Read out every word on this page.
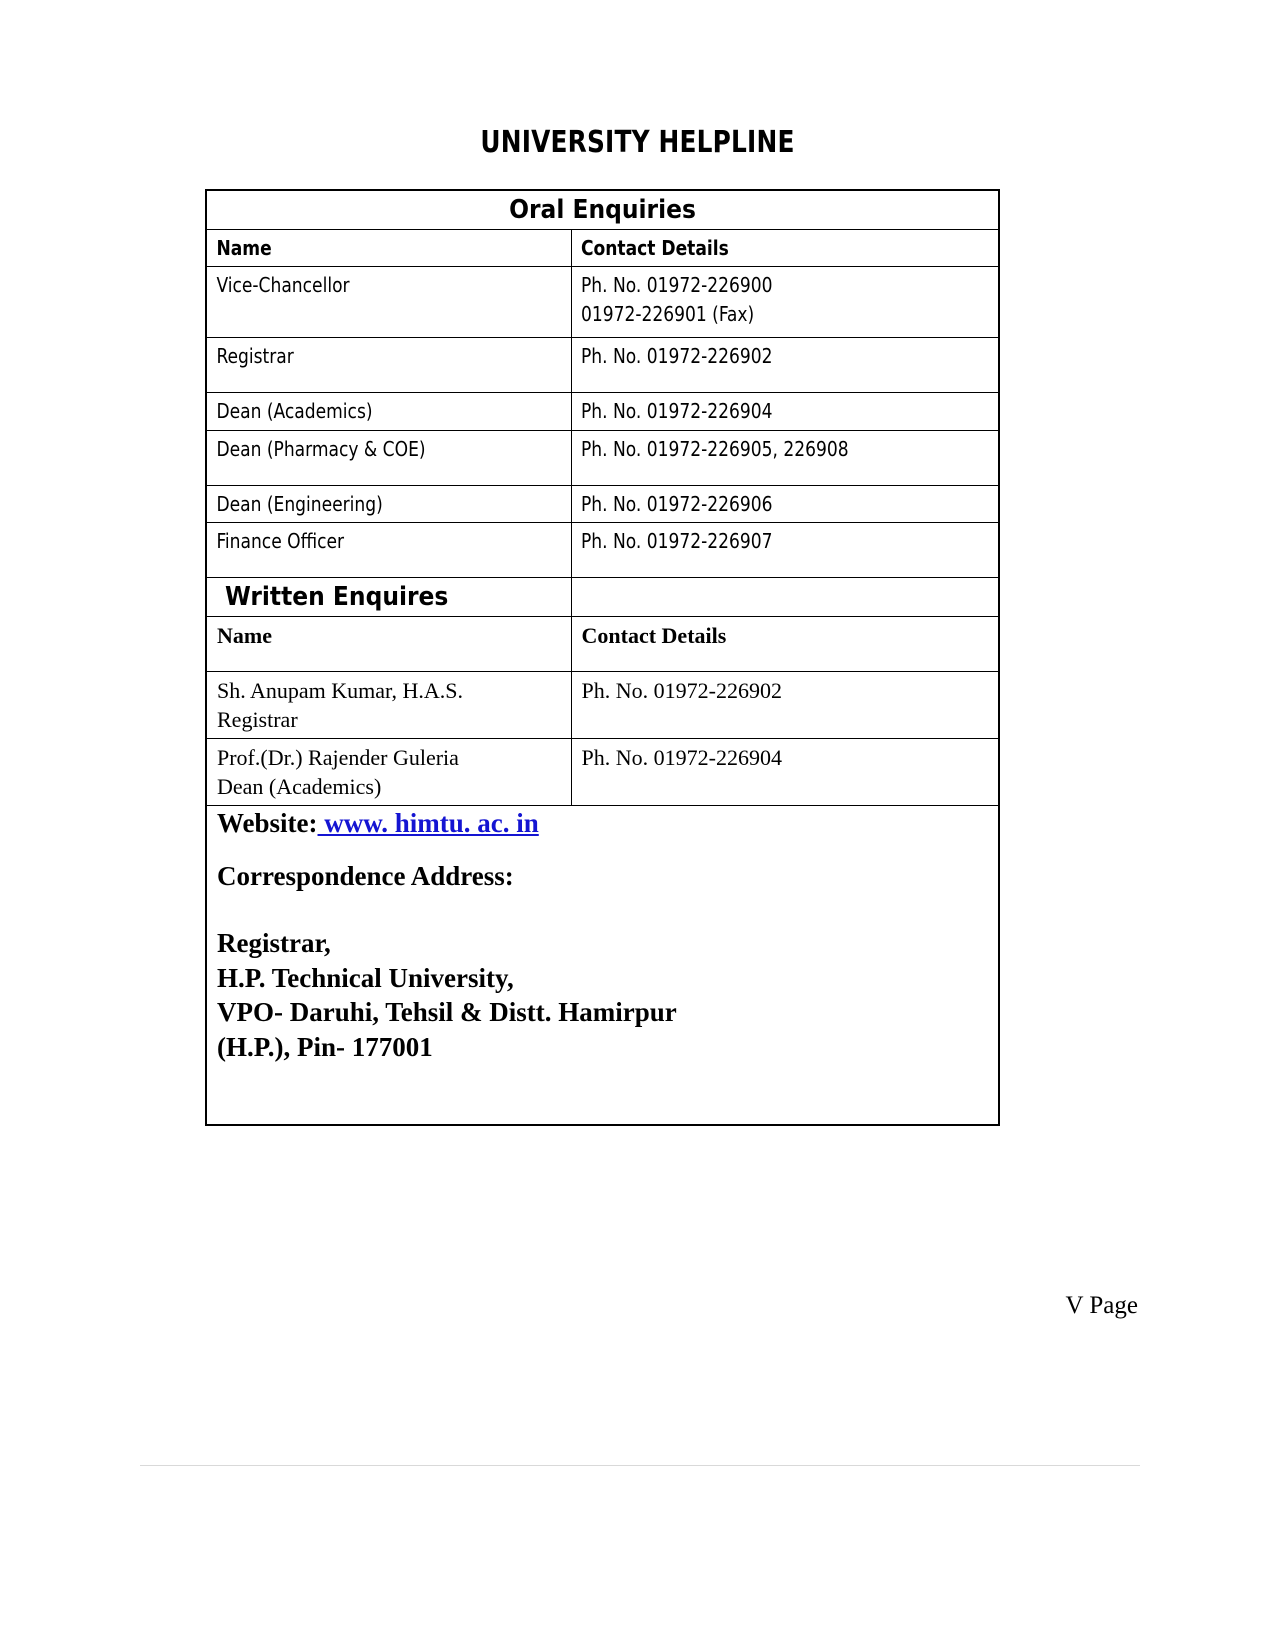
UNIVERSITY HELPLINE
Oral Enquiries	
Name	Contact Details
Vice-Chancellor	Ph. No. 01972-226900
01972-226901 (Fax)

Registrar	Ph. No. 01972-226902
Dean (Academics)	Ph. No. 01972-226904
Dean (Pharmacy & COE)	Ph. No. 01972-226905, 226908
Dean (Engineering)	Ph. No. 01972-226906
Finance Officer	Ph. No. 01972-226907
Written Enquires	
Name	Contact Details

Sh. Anupam Kumar, H.A.S.
Registrar	Ph. No. 01972-226902

Prof.(Dr.) Rajender Guleria
Dean (Academics)	Ph. No. 01972-226904

Website: www. himtu. ac. in
Correspondence Address:
Registrar,
H.P. Technical University,
VPO- Daruhi, Tehsil & Distt. Hamirpur
(H.P.), Pin- 177001
V Page
